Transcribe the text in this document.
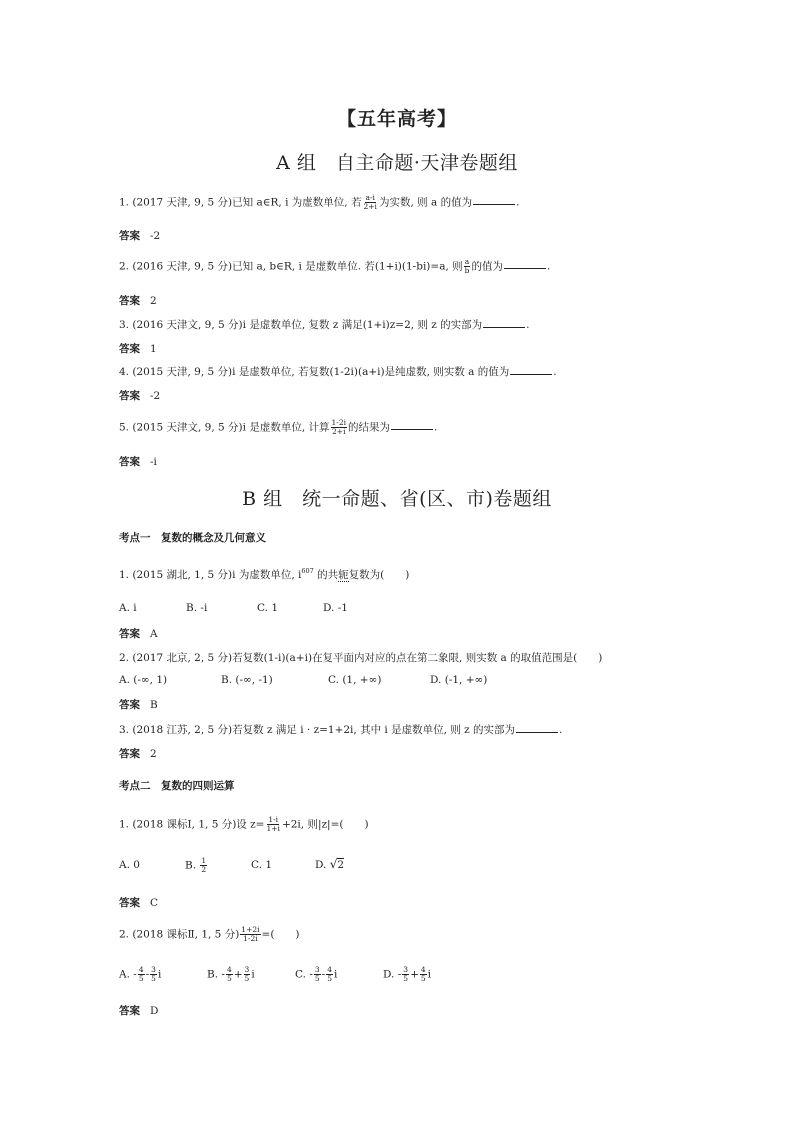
【五年高考】
A 组　自主命题·天津卷题组
1. (2017 天津, 9, 5 分)已知 a∈R, i 为虚数单位, 若 $\frac{a-i}{2+i}$ 为实数, 则 a 的值为	.
答案 -2
2. (2016 天津, 9, 5 分)已知 a, b∈R, i 是虚数单位. 若(1+i)(1-bi)=a, 则 $\frac{a}{b}$ 的值为	.
答案 2
3. (2016 天津文, 9, 5 分)i 是虚数单位, 复数 z 满足(1+i)z=2, 则 z 的实部为	.
答案 1
4. (2015 天津, 9, 5 分)i 是虚数单位, 若复数(1-2i)(a+i)是纯虚数, 则实数 a 的值为	.
答案 -2
5. (2015 天津文, 9, 5 分)i 是虚数单位, 计算 $\frac{1-2i}{2+i}$ 的结果为	.
答案 -i
B 组　统一命题、省(区、市)卷题组
考点一　复数的概念及几何意义
1. (2015 湖北, 1, 5 分)i 为虚数单位, $i^{607}$ 的共轭复数为(　　)
A. i	B. -i	C. 1	D. -1
答案 A
2. (2017 北京, 2, 5 分)若复数(1-i)(a+i)在复平面内对应的点在第二象限, 则实数 a 的取值范围是(　　)
A. (-∞, 1)	B. (-∞, -1)	C. (1, +∞)	D. (-1, +∞)
答案 B
3. (2018 江苏, 2, 5 分)若复数 z 满足 i · z=1+2i, 其中 i 是虚数单位, 则 z 的实部为	.
答案 2
考点二　复数的四则运算
1. (2018 课标Ⅰ, 1, 5 分)设 $z= \frac{1-i}{1+i} +2i$, 则|z|=(　　)
A. 0	B. $\frac{1}{2}$	C. 1	D. √2
答案 C
2. (2018 课标Ⅱ, 1, 5 分) $\frac{1+2i}{1-2i}$ =(　　)
A. - $\frac{4}{5} - \frac{3}{5}$ i	B. - $\frac{4}{5} + \frac{3}{5}$ i	C. - $\frac{3}{5} - \frac{4}{5}$ i	D. - $\frac{3}{5} + \frac{4}{5}$ i
答案 D
